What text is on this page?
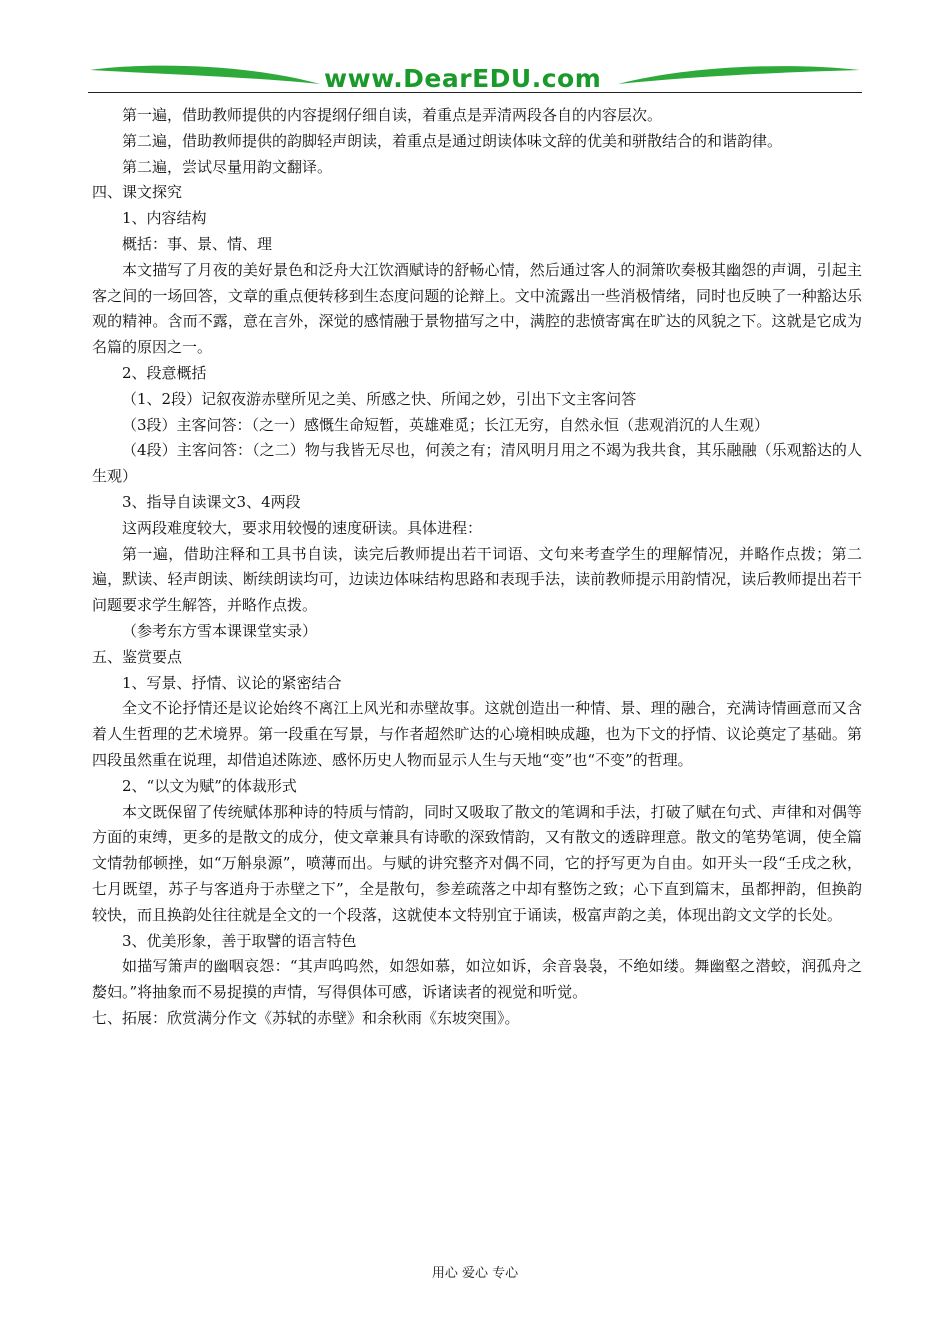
www.DearEDU.com

第一遍，借助教师提供的内容提纲仔细自读，着重点是弄清两段各自的内容层次。

第二遍，借助教师提供的韵脚轻声朗读，着重点是通过朗读体味文辞的优美和骈散结合的和谐韵律。

第二遍，尝试尽量用韵文翻译。

四、课文探究

1、内容结构

概括：事、景、情、理

本文描写了月夜的美好景色和泛舟大江饮酒赋诗的舒畅心情，然后通过客人的洞箫吹奏极其幽怨的声调，引起主客之间的一场回答，文章的重点便转移到生态度问题的论辩上。文中流露出一些消极情绪，同时也反映了一种豁达乐观的精神。含而不露，意在言外，深觉的感情融于景物描写之中，满腔的悲愤寄寓在旷达的风貌之下。这就是它成为名篇的原因之一。

2、段意概括

（1、2段）记叙夜游赤壁所见之美、所感之快、所闻之妙，引出下文主客问答

（3段）主客问答：（之一）感慨生命短暂，英雄难觅；长江无穷，自然永恒（悲观消沉的人生观）

（4段）主客问答：（之二）物与我皆无尽也，何羡之有；清风明月用之不竭为我共食，其乐融融（乐观豁达的人生观）

3、指导自读课文3、4两段

这两段难度较大，要求用较慢的速度研读。具体进程：

第一遍，借助注释和工具书自读，读完后教师提出若干词语、文句来考查学生的理解情况，并略作点拨；第二遍，默读、轻声朗读、断续朗读均可，边读边体味结构思路和表现手法，读前教师提示用韵情况，读后教师提出若干问题要求学生解答，并略作点拨。

（参考东方雪本课课堂实录）

五、鉴赏要点

1、写景、抒情、议论的紧密结合

全文不论抒情还是议论始终不离江上风光和赤壁故事。这就创造出一种情、景、理的融合，充满诗情画意而又含着人生哲理的艺术境界。第一段重在写景，与作者超然旷达的心境相映成趣，也为下文的抒情、议论奠定了基础。第四段虽然重在说理，却借追述陈迹、感怀历史人物而显示人生与天地“变”也“不变”的哲理。

2、“以文为赋”的体裁形式

本文既保留了传统赋体那种诗的特质与情韵，同时又吸取了散文的笔调和手法，打破了赋在句式、声律和对偶等方面的束缚，更多的是散文的成分，使文章兼具有诗歌的深致情韵，又有散文的透辟理意。散文的笔势笔调，使全篇文情勃郁顿挫，如“万斛泉源”，喷薄而出。与赋的讲究整齐对偶不同，它的抒写更为自由。如开头一段“壬戌之秋，七月既望，苏子与客逍舟于赤壁之下”，全是散句，参差疏落之中却有整饬之致；心下直到篇末，虽都押韵，但换韵较快，而且换韵处往往就是全文的一个段落，这就使本文特别宜于诵读，极富声韵之美，体现出韵文文学的长处。

3、优美形象，善于取譬的语言特色

如描写箫声的幽咽哀怨：“其声呜呜然，如怨如慕，如泣如诉，余音袅袅，不绝如缕。舞幽壑之潜蛟，润孤舟之嫠妇。”将抽象而不易捉摸的声情，写得俱体可感，诉诸读者的视觉和听觉。

七、拓展：欣赏满分作文《苏轼的赤壁》和余秋雨《东坡突围》。

用心 爱心 专心
